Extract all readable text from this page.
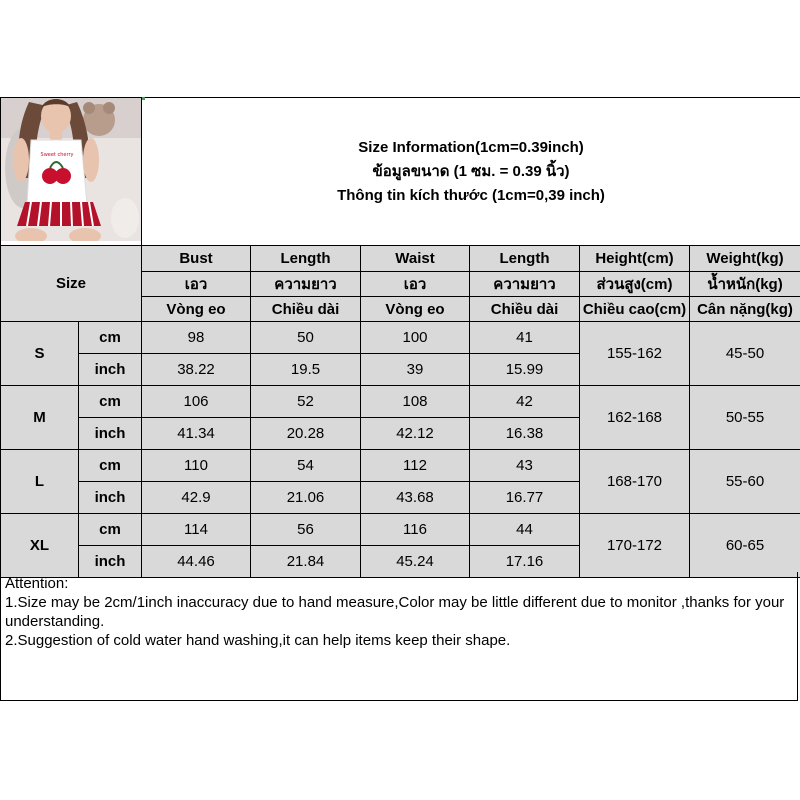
Sweet cherry		Size Information(1cm=0.39inch)
ข้อมูลขนาด (1 ซม. = 0.39 นิ้ว)
Thông tin kích thước (1cm=0,39 inch)					

Size		Bust	Length	Waist	Length	Height(cm)	Weight(kg)
		เอว	ความยาว	เอว	ความยาว	ส่วนสูง(cm)	น้ำหนัก(kg)
		Vòng eo	Chiều dài	Vòng eo	Chiều dài	Chiều cao(cm)	Cân nặng(kg)
S	cm	98	50	100	41	155-162	45-50
	inch	38.22	19.5	39	15.99		
M	cm	106	52	108	42	162-168	50-55
	inch	41.34	20.28	42.12	16.38		
L	cm	110	54	112	43	168-170	55-60
	inch	42.9	21.06	43.68	16.77		
XL	cm	114	56	116	44	170-172	60-65
	inch	44.46	21.84	45.24	17.16		
Attention:
1.Size may be 2cm/1inch inaccuracy due to hand measure,Color may be little different due to monitor ,thanks for your understanding.
2.Suggestion of cold water hand washing,it can help items keep their shape.
